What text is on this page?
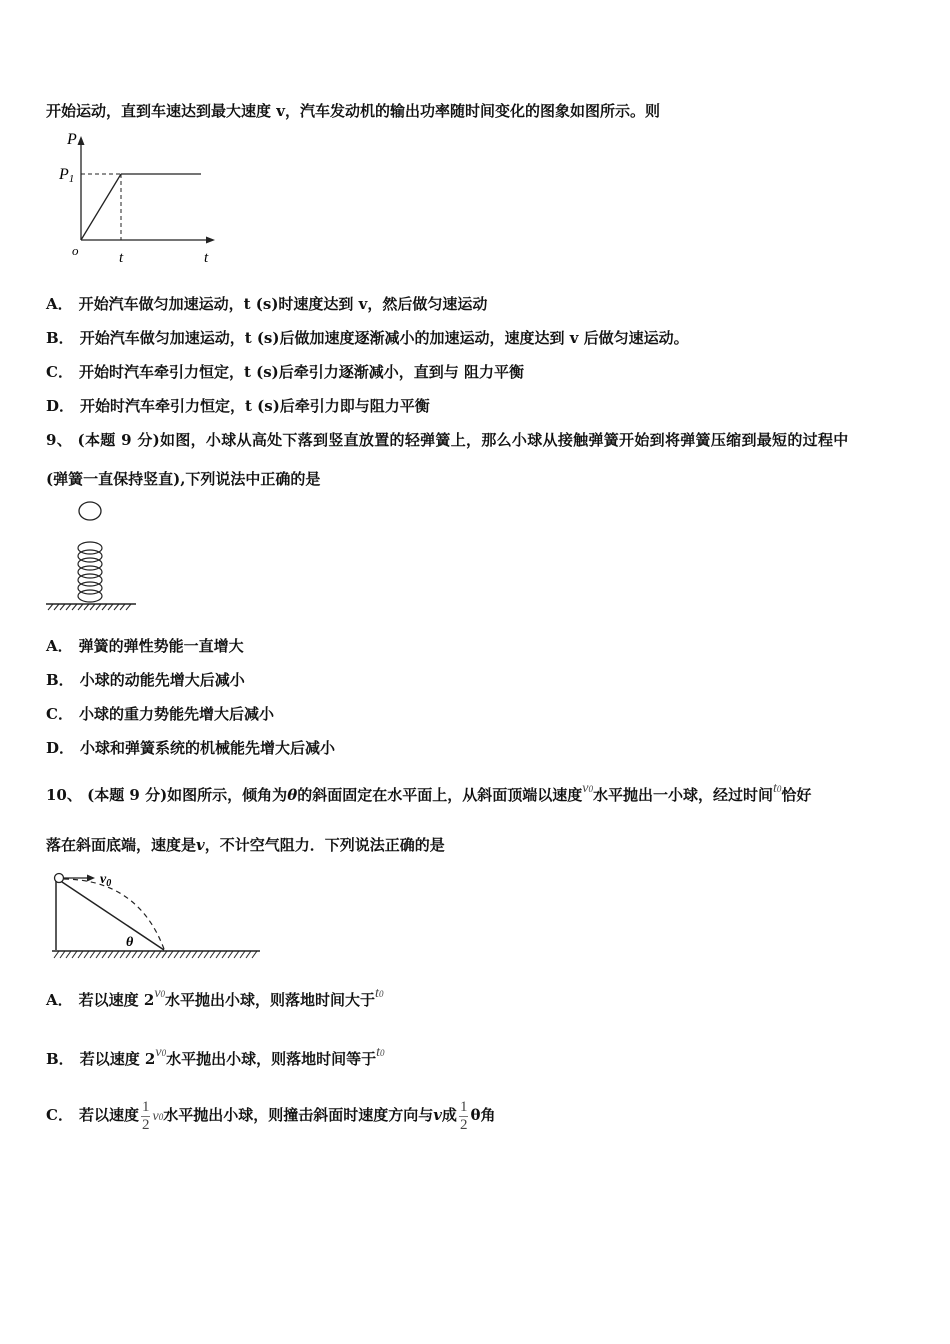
开始运动，直到车速达到最大速度 v，汽车发动机的输出功率随时间变化的图象如图所示。则
P
P1
o	t	t
A． 开始汽车做匀加速运动，t (s)时速度达到 v，然后做匀速运动
B． 开始汽车做匀加速运动，t (s)后做加速度逐渐减小的加速运动，速度达到 v 后做匀速运动。
C． 开始时汽车牵引力恒定，t (s)后牵引力逐渐减小，直到与 阻力平衡
D． 开始时汽车牵引力恒定，t (s)后牵引力即与阻力平衡
9、 (本题 9 分)如图，小球从高处下落到竖直放置的轻弹簧上，那么小球从接触弹簧开始到将弹簧压缩到最短的过程中
(弹簧一直保持竖直),下列说法中正确的是
A． 弹簧的弹性势能一直增大
B． 小球的动能先增大后减小
C． 小球的重力势能先增大后减小
D． 小球和弹簧系统的机械能先增大后减小
10、 (本题 9 分)如图所示，倾角为θ的斜面固定在水平面上，从斜面顶端以速度v0水平抛出一小球，经过时间t0恰好
落在斜面底端，速度是v，不计空气阻力．下列说法正确的是
$v_0$
θ
A． 若以速度 2v0水平抛出小球，则落地时间大于t0
B． 若以速度 2v0水平抛出小球，则落地时间等于t0
C． 若以速度 $\frac{1}{2} v0$水平抛出小球，则撞击斜面时速度方向与v成 $\frac{1}{2}$ θ角
